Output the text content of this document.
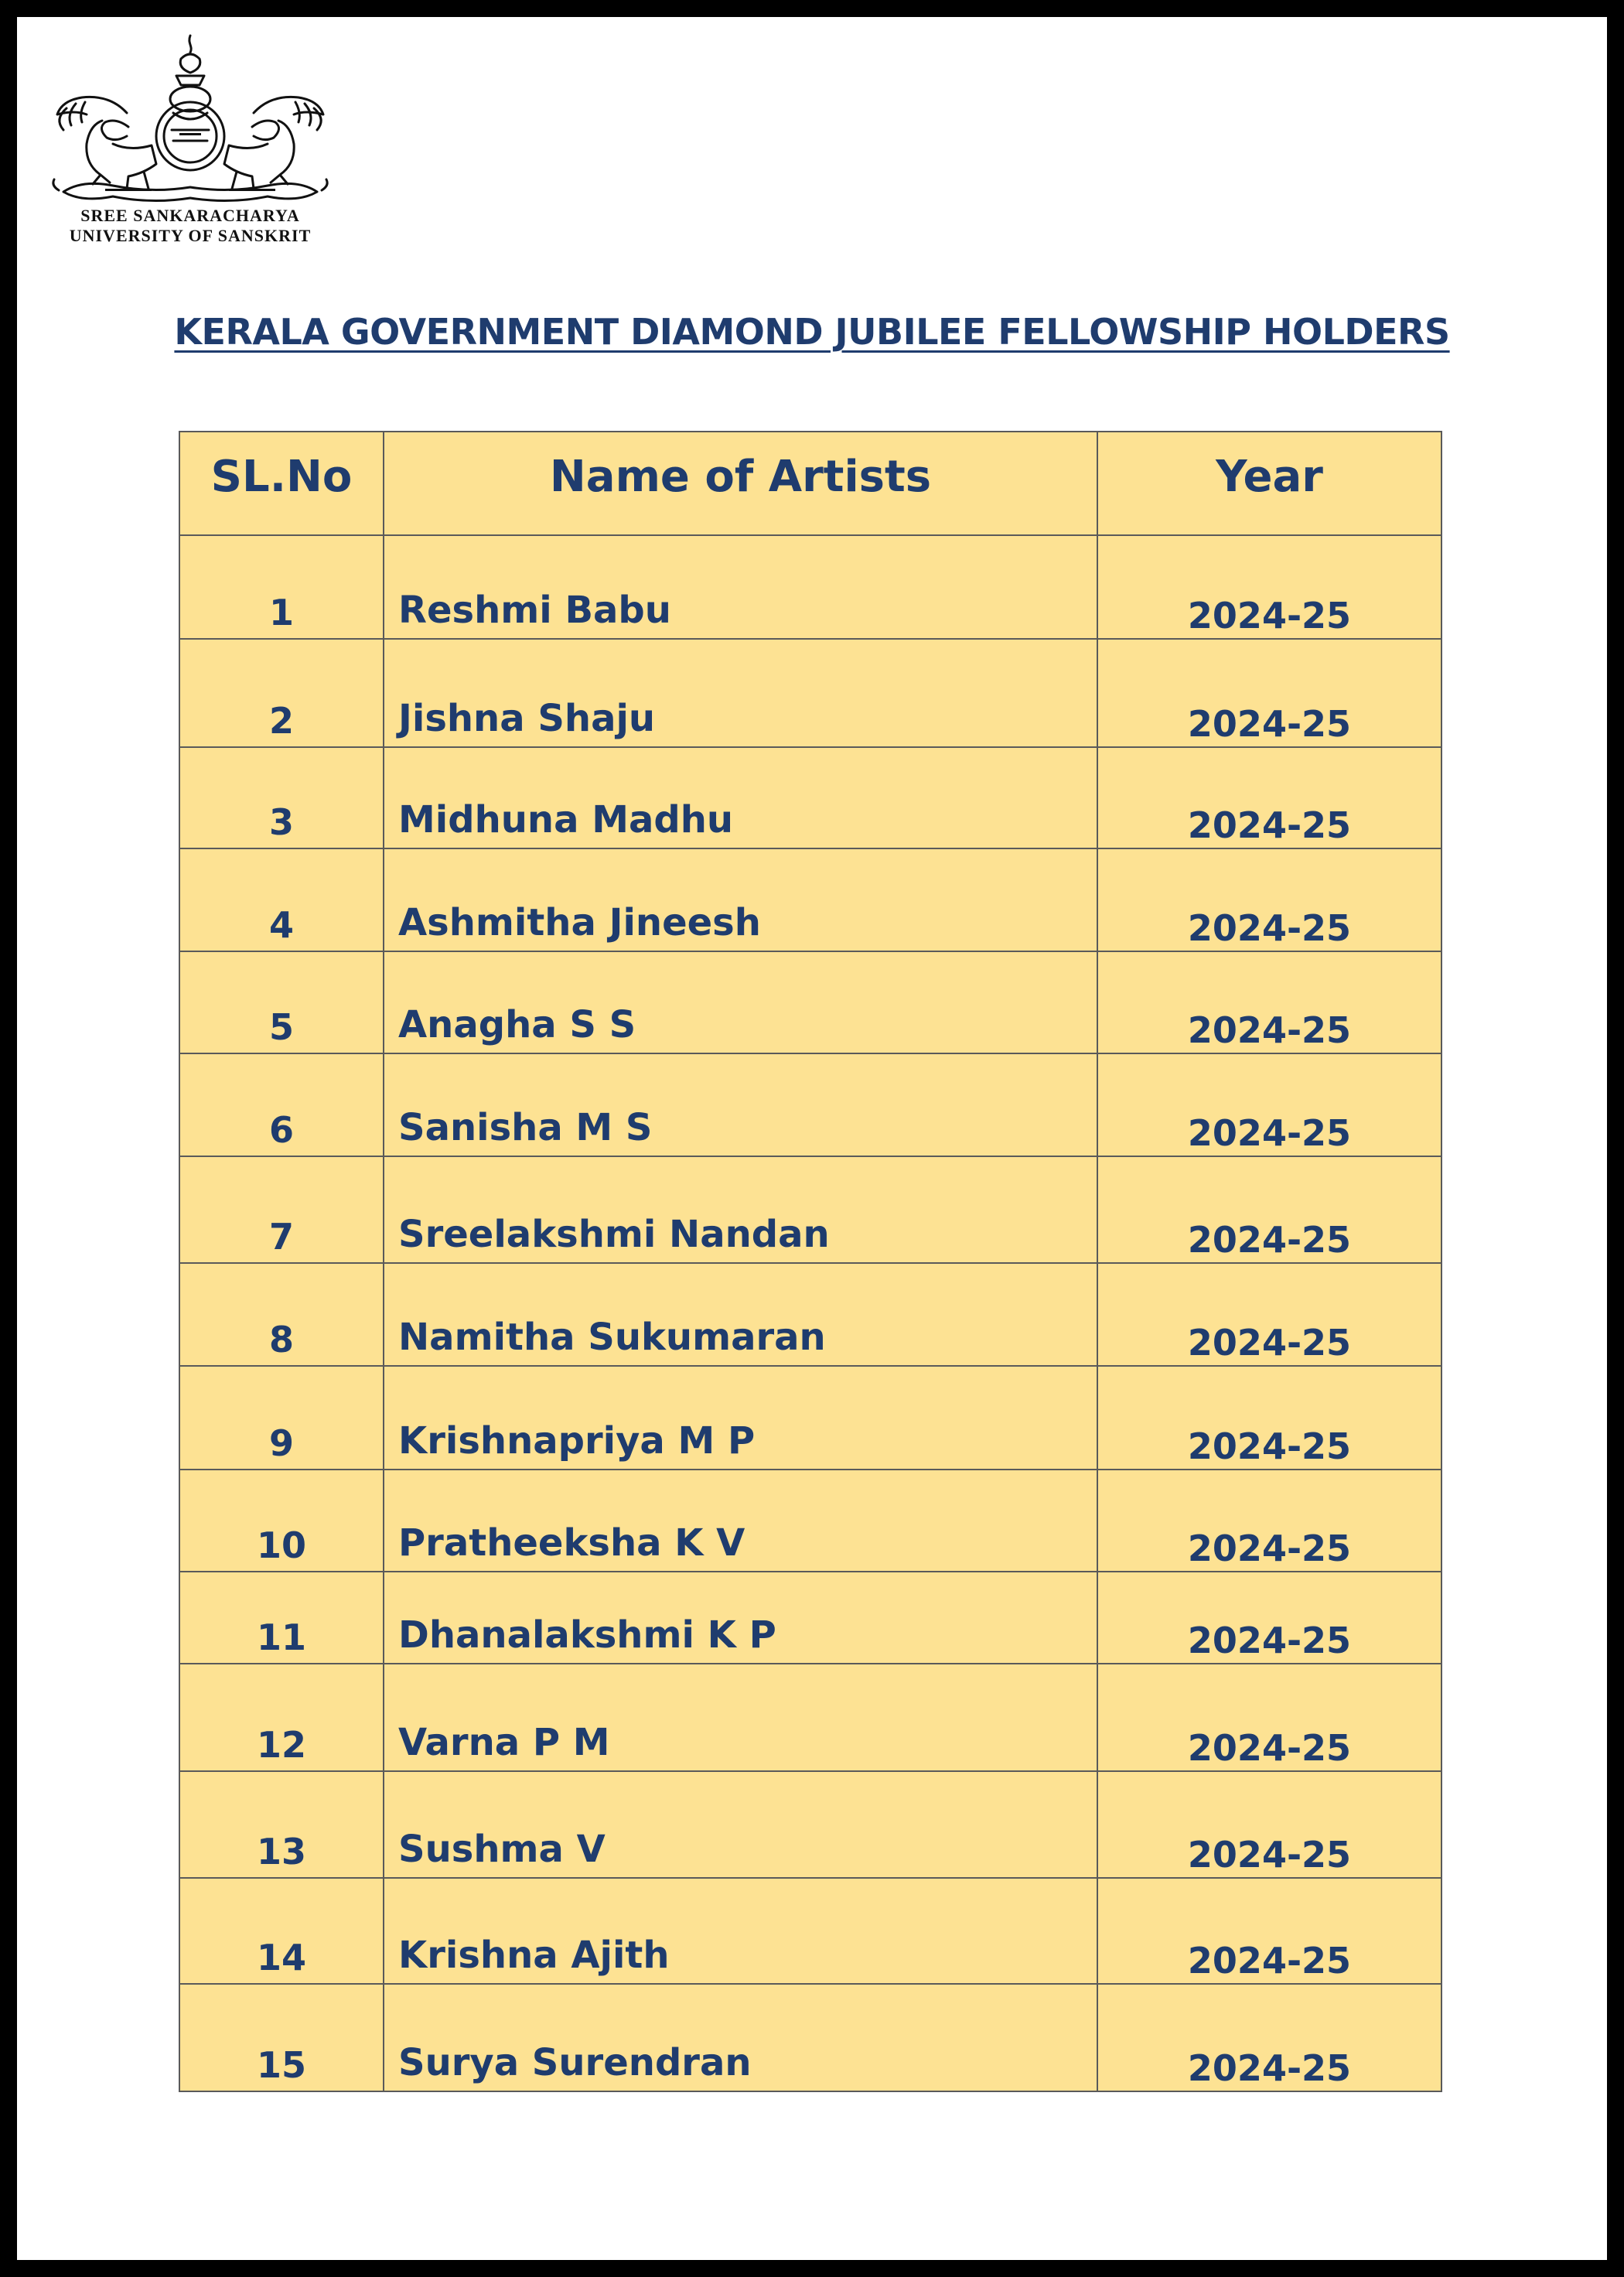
SREE SANKARACHARYA
UNIVERSITY OF SANSKRIT
KERALA GOVERNMENT DIAMOND JUBILEE FELLOWSHIP HOLDERS
SL.No	Name of Artists	Year
1	Reshmi Babu	2024-25
2	Jishna Shaju	2024-25
3	Midhuna Madhu	2024-25
4	Ashmitha Jineesh	2024-25
5	Anagha S S	2024-25
6	Sanisha M S	2024-25
7	Sreelakshmi Nandan	2024-25
8	Namitha Sukumaran	2024-25
9	Krishnapriya M P	2024-25
10	Pratheeksha K V	2024-25
11	Dhanalakshmi K P	2024-25
12	Varna P M	2024-25
13	Sushma V	2024-25
14	Krishna Ajith	2024-25
15	Surya Surendran	2024-25
